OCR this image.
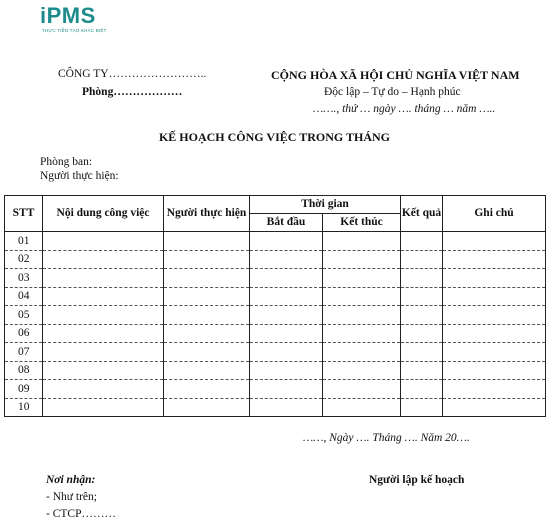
iPMS
THỰC TIỄN TẠO KHÁC BIỆT
CÔNG TY……………………..
Phòng………………
CỘNG HÒA XÃ HỘI CHỦ NGHĨA VIỆT NAM
Độc lập – Tự do – Hạnh phúc
……., thứ … ngày …. tháng … năm …..
KẾ HOẠCH CÔNG VIỆC TRONG THÁNG
Phòng ban:
Người thực hiện:
STT	Nội dung công việc	Người thực hiện	Thời gian		Kết quả	Ghi chú
			Bắt đầu	Kết thúc		
01						
02						
03						
04						
05						
06						
07						
08						
09						
10						
……, Ngày …. Tháng …. Năm 20….
Nơi nhận:
- Như trên;
- CTCP………
Người lập kế hoạch
